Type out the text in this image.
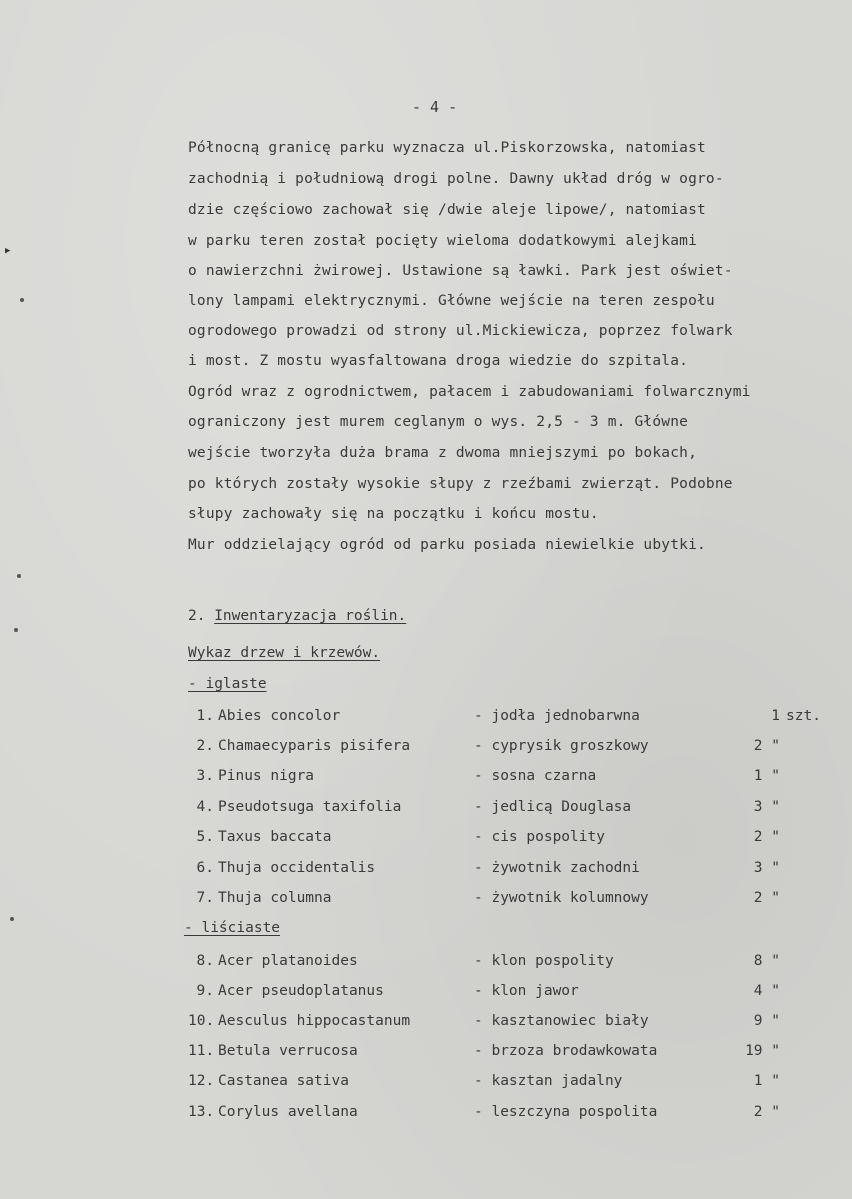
▶
- 4 -
Północną granicę parku wyznacza ul.Piskorzowska, natomiast
zachodnią i południową drogi polne. Dawny układ dróg w ogro-
dzie częściowo zachował się /dwie aleje lipowe/, natomiast
w parku teren został pocięty wieloma dodatkowymi alejkami
o nawierzchni żwirowej. Ustawione są ławki. Park jest oświet-
lony lampami elektrycznymi. Główne wejście na teren zespołu
ogrodowego prowadzi od strony ul.Mickiewicza, poprzez folwark
i most. Z mostu wyasfaltowana droga wiedzie do szpitala.
Ogród wraz z ogrodnictwem, pałacem i zabudowaniami folwarcznymi
ograniczony jest murem ceglanym o wys. 2,5 - 3 m. Główne
wejście tworzyła duża brama z dwoma mniejszymi po bokach,
po których zostały wysokie słupy z rzeźbami zwierząt. Podobne
słupy zachowały się na początku i końcu mostu.
Mur oddzielający ogród od parku posiada niewielkie ubytki.
2. Inwentaryzacja roślin.
Wykaz drzew i krzewów.
- iglaste
1. Abies concolor	- jodła jednobarwna	1 szt.
2. Chamaecyparis pisifera	- cyprysik groszkowy	2 "
3. Pinus nigra	- sosna czarna	1 "
4. Pseudotsuga taxifolia	- jedlicą Douglasa	3 "
5. Taxus baccata	- cis pospolity	2 "
6. Thuja occidentalis	- żywotnik zachodni	3 "
7. Thuja columna	- żywotnik kolumnowy	2 "
- liściaste
8. Acer platanoides	- klon pospolity	8 "
9. Acer pseudoplatanus	- klon jawor	4 "
10. Aesculus hippocastanum	- kasztanowiec biały	9 "
11. Betula verrucosa	- brzoza brodawkowata	19 "
12. Castanea sativa	- kasztan jadalny	1 "
13. Corylus avellana	- leszczyna pospolita	2 "
